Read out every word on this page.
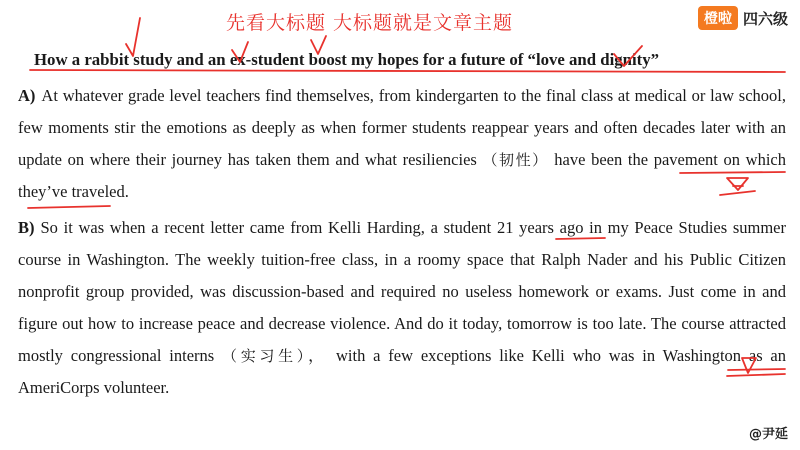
先看大标题 大标题就是文章主题	橙啦 四六级
How a rabbit study and an ex-student boost my hopes for a future of “love and dignity”
A) At whatever grade level teachers find themselves, from kindergarten to the final class at medical or law school, few moments stir the emotions as deeply as when former students reappear years and often decades later with an update on where their journey has taken them and what resiliencies （韧性） have been the pavement on which they’ve traveled.
B) So it was when a recent letter came from Kelli Harding, a student 21 years ago in my Peace Studies summer course in Washington. The weekly tuition-free class, in a roomy space that Ralph Nader and his Public Citizen nonprofit group provided, was discussion-based and required no useless homework or exams. Just come in and figure out how to increase peace and decrease violence. And do it today, tomorrow is too late. The course attracted mostly congressional interns （实习生）， with a few exceptions like Kelli who was in Washington as an AmeriCorps volunteer.
@尹延
